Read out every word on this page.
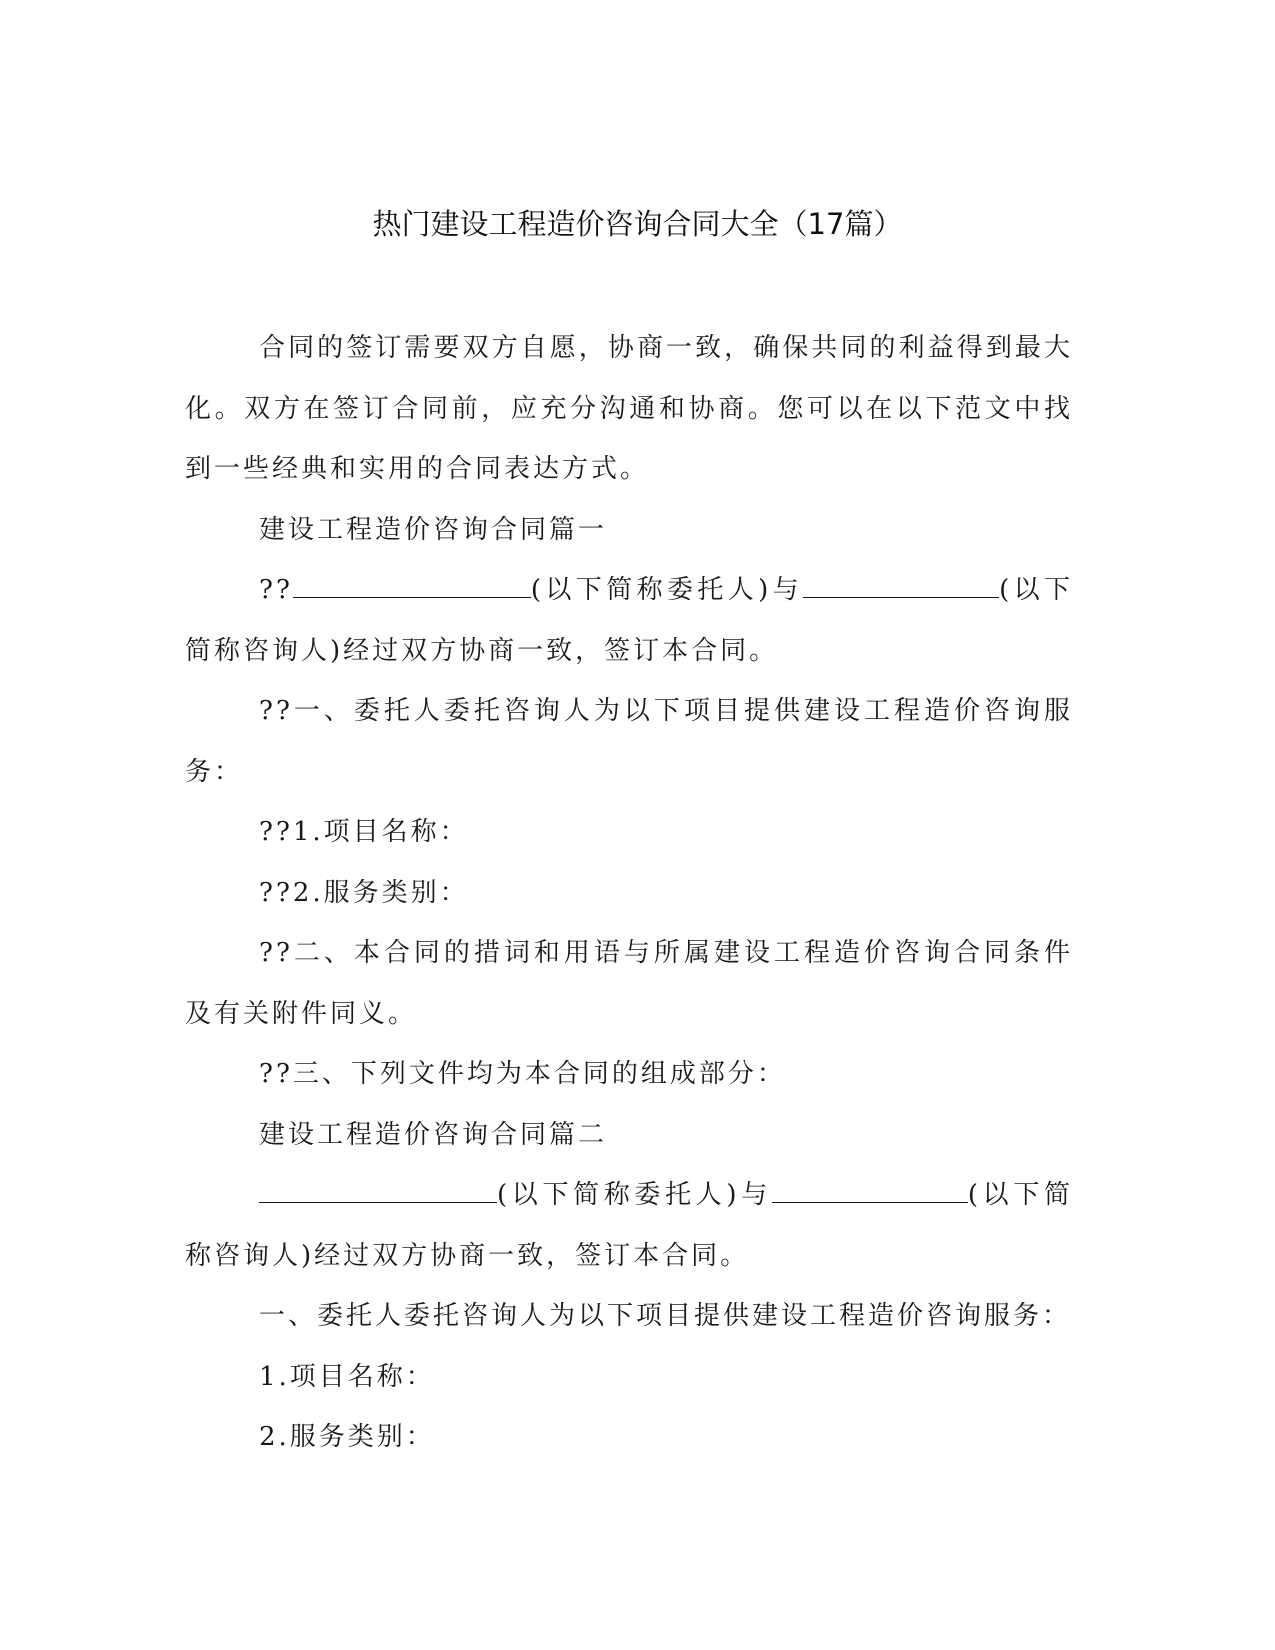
热门建设工程造价咨询合同大全（17篇）

合同的签订需要双方自愿，协商一致，确保共同的利益得到最大化。双方在签订合同前，应充分沟通和协商。您可以在以下范文中找到一些经典和实用的合同表达方式。

建设工程造价咨询合同篇一

??	(以下简称委托人)与	(以下简称咨询人)经过双方协商一致，签订本合同。

??一、委托人委托咨询人为以下项目提供建设工程造价咨询服务：

??1.项目名称：

??2.服务类别：

??二、本合同的措词和用语与所属建设工程造价咨询合同条件及有关附件同义。

??三、下列文件均为本合同的组成部分：

建设工程造价咨询合同篇二

(以下简称委托人)与	(以下简称咨询人)经过双方协商一致，签订本合同。

一、委托人委托咨询人为以下项目提供建设工程造价咨询服务：

1.项目名称：

2.服务类别：
